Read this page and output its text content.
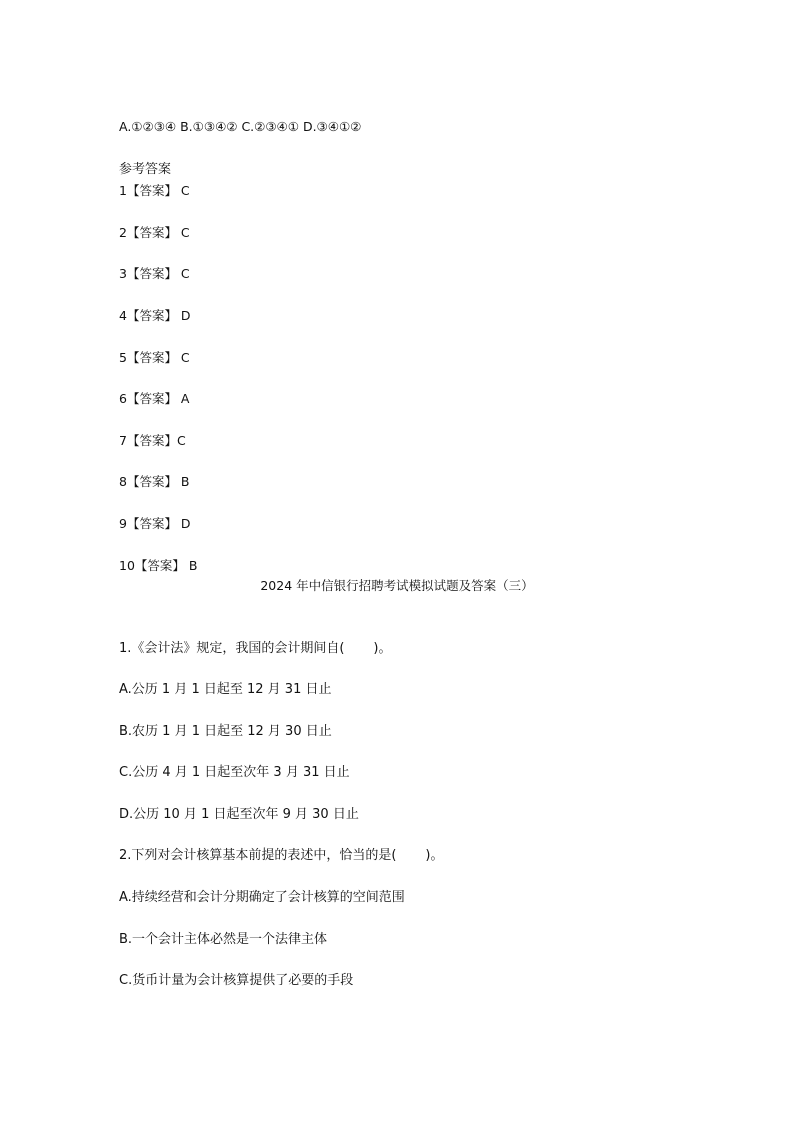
A.①②③④ B.①③④② C.②③④① D.③④①②
参考答案
1【答案】 C
2【答案】 C
3【答案】 C
4【答案】 D
5【答案】 C
6【答案】 A
7【答案】C
8【答案】 B
9【答案】 D
10【答案】 B
2024 年中信银行招聘考试模拟试题及答案（三）
1.《会计法》规定，我国的会计期间自(       )。
A.公历 1 月 1 日起至 12 月 31 日止
B.农历 1 月 1 日起至 12 月 30 日止
C.公历 4 月 1 日起至次年 3 月 31 日止
D.公历 10 月 1 日起至次年 9 月 30 日止
2.下列对会计核算基本前提的表述中，恰当的是(       )。
A.持续经营和会计分期确定了会计核算的空间范围
B.一个会计主体必然是一个法律主体
C.货币计量为会计核算提供了必要的手段
